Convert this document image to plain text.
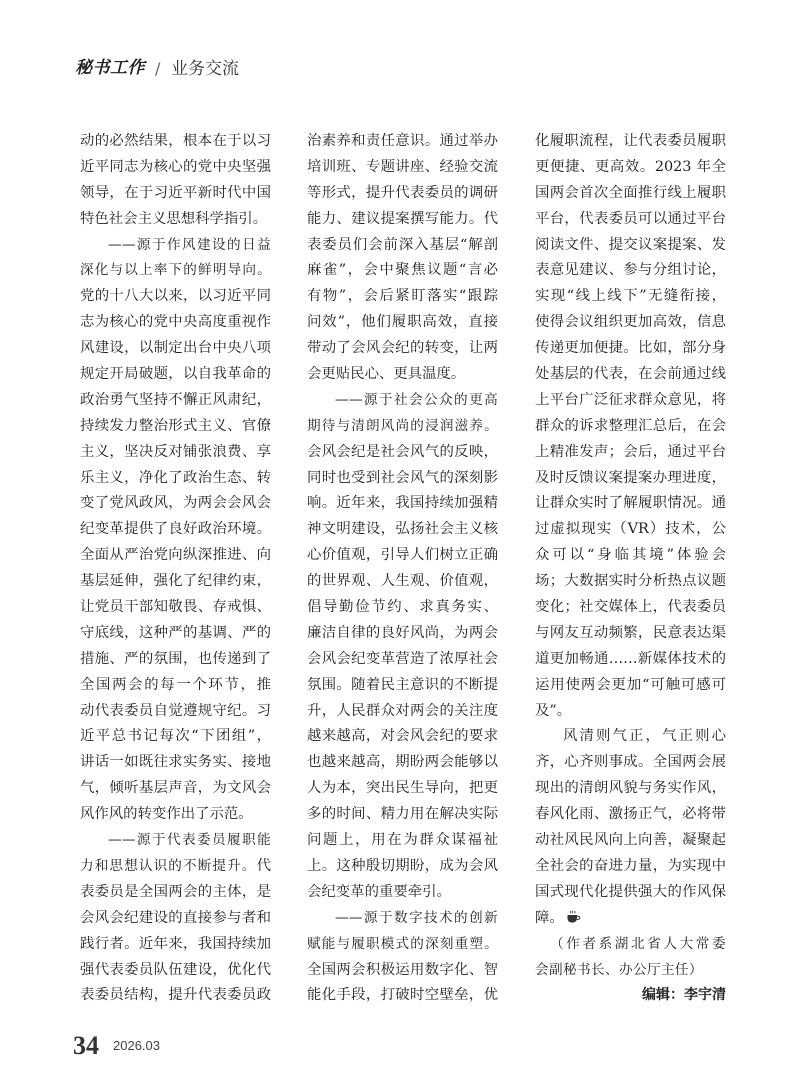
秘书工作 / 业务交流
动的必然结果，根本在于以习
近平同志为核心的党中央坚强
领导，在于习近平新时代中国
特色社会主义思想科学指引。
——源于作风建设的日益
深化与以上率下的鲜明导向。
党的十八大以来，以习近平同
志为核心的党中央高度重视作
风建设，以制定出台中央八项
规定开局破题，以自我革命的
政治勇气坚持不懈正风肃纪，
持续发力整治形式主义、官僚
主义，坚决反对铺张浪费、享
乐主义，净化了政治生态、转
变了党风政风，为两会会风会
纪变革提供了良好政治环境。
全面从严治党向纵深推进、向
基层延伸，强化了纪律约束，
让党员干部知敬畏、存戒惧、
守底线，这种严的基调、严的
措施、严的氛围，也传递到了
全国两会的每一个环节，推
动代表委员自觉遵规守纪。习
近平总书记每次“下团组”，
讲话一如既往求实务实、接地
气，倾听基层声音，为文风会
风作风的转变作出了示范。
——源于代表委员履职能
力和思想认识的不断提升。代
表委员是全国两会的主体，是
会风会纪建设的直接参与者和
践行者。近年来，我国持续加
强代表委员队伍建设，优化代
表委员结构，提升代表委员政
治素养和责任意识。通过举办
培训班、专题讲座、经验交流
等形式，提升代表委员的调研
能力、建议提案撰写能力。代
表委员们会前深入基层“解剖
麻雀”，会中聚焦议题“言必
有物”，会后紧盯落实“跟踪
问效”，他们履职高效，直接
带动了会风会纪的转变，让两
会更贴民心、更具温度。
——源于社会公众的更高
期待与清朗风尚的浸润滋养。
会风会纪是社会风气的反映，
同时也受到社会风气的深刻影
响。近年来，我国持续加强精
神文明建设，弘扬社会主义核
心价值观，引导人们树立正确
的世界观、人生观、价值观，
倡导勤俭节约、求真务实、
廉洁自律的良好风尚，为两会
会风会纪变革营造了浓厚社会
氛围。随着民主意识的不断提
升，人民群众对两会的关注度
越来越高，对会风会纪的要求
也越来越高，期盼两会能够以
人为本，突出民生导向，把更
多的时间、精力用在解决实际
问题上，用在为群众谋福祉
上。这种殷切期盼，成为会风
会纪变革的重要牵引。
——源于数字技术的创新
赋能与履职模式的深刻重塑。
全国两会积极运用数字化、智
能化手段，打破时空壁垒，优
化履职流程，让代表委员履职
更便捷、更高效。2023 年全
国两会首次全面推行线上履职
平台，代表委员可以通过平台
阅读文件、提交议案提案、发
表意见建议、参与分组讨论，
实现“线上线下”无缝衔接，
使得会议组织更加高效，信息
传递更加便捷。比如，部分身
处基层的代表，在会前通过线
上平台广泛征求群众意见，将
群众的诉求整理汇总后，在会
上精准发声；会后，通过平台
及时反馈议案提案办理进度，
让群众实时了解履职情况。通
过虚拟现实（VR）技术，公
众可以“身临其境”体验会
场；大数据实时分析热点议题
变化；社交媒体上，代表委员
与网友互动频繁，民意表达渠
道更加畅通……新媒体技术的
运用使两会更加“可触可感可
及”。
风清则气正，气正则心
齐，心齐则事成。全国两会展
现出的清朗风貌与务实作风，
春风化雨、激扬正气，必将带
动社风民风向上向善，凝聚起
全社会的奋进力量，为实现中
国式现代化提供强大的作风保
障。
（作者系湖北省人大常委
会副秘书长、办公厅主任）
编辑：李宇清
34 2026.03
